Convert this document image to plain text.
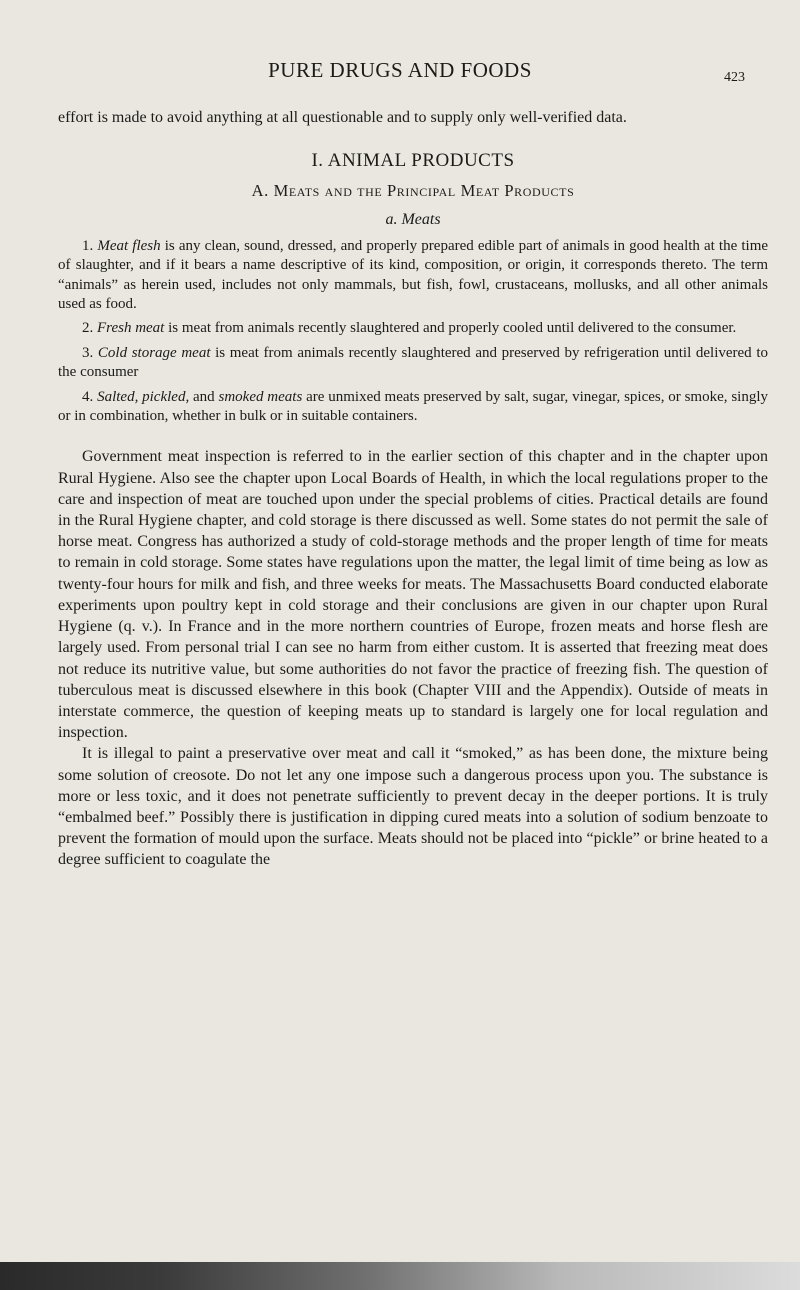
PURE DRUGS AND FOODS	423

effort is made to avoid anything at all questionable and to supply only well-verified data.

I. ANIMAL PRODUCTS

A. Meats and the Principal Meat Products

a. Meats

1. Meat flesh is any clean, sound, dressed, and properly prepared edible part of animals in good health at the time of slaughter, and if it bears a name descriptive of its kind, composition, or origin, it corresponds thereto. The term “animals” as herein used, includes not only mammals, but fish, fowl, crustaceans, mollusks, and all other animals used as food.

2. Fresh meat is meat from animals recently slaughtered and properly cooled until delivered to the consumer.

3. Cold storage meat is meat from animals recently slaughtered and preserved by refrigeration until delivered to the consumer

4. Salted, pickled, and smoked meats are unmixed meats preserved by salt, sugar, vinegar, spices, or smoke, singly or in combination, whether in bulk or in suitable containers.

Government meat inspection is referred to in the earlier section of this chapter and in the chapter upon Rural Hygiene. Also see the chapter upon Local Boards of Health, in which the local regulations proper to the care and inspection of meat are touched upon under the special problems of cities. Practical details are found in the Rural Hygiene chapter, and cold storage is there discussed as well. Some states do not permit the sale of horse meat. Congress has authorized a study of cold-storage methods and the proper length of time for meats to remain in cold storage. Some states have regulations upon the matter, the legal limit of time being as low as twenty-four hours for milk and fish, and three weeks for meats. The Massachusetts Board conducted elaborate experiments upon poultry kept in cold storage and their conclusions are given in our chapter upon Rural Hygiene (q. v.). In France and in the more northern countries of Europe, frozen meats and horse flesh are largely used. From personal trial I can see no harm from either custom. It is asserted that freezing meat does not reduce its nutritive value, but some authorities do not favor the practice of freezing fish. The question of tuberculous meat is discussed elsewhere in this book (Chapter VIII and the Appendix). Outside of meats in interstate commerce, the question of keeping meats up to standard is largely one for local regulation and inspection.

It is illegal to paint a preservative over meat and call it “smoked,” as has been done, the mixture being some solution of creosote. Do not let any one impose such a dangerous process upon you. The substance is more or less toxic, and it does not penetrate sufficiently to prevent decay in the deeper portions. It is truly “embalmed beef.” Possibly there is justification in dipping cured meats into a solution of sodium benzoate to prevent the formation of mould upon the surface. Meats should not be placed into “pickle” or brine heated to a degree sufficient to coagulate the
